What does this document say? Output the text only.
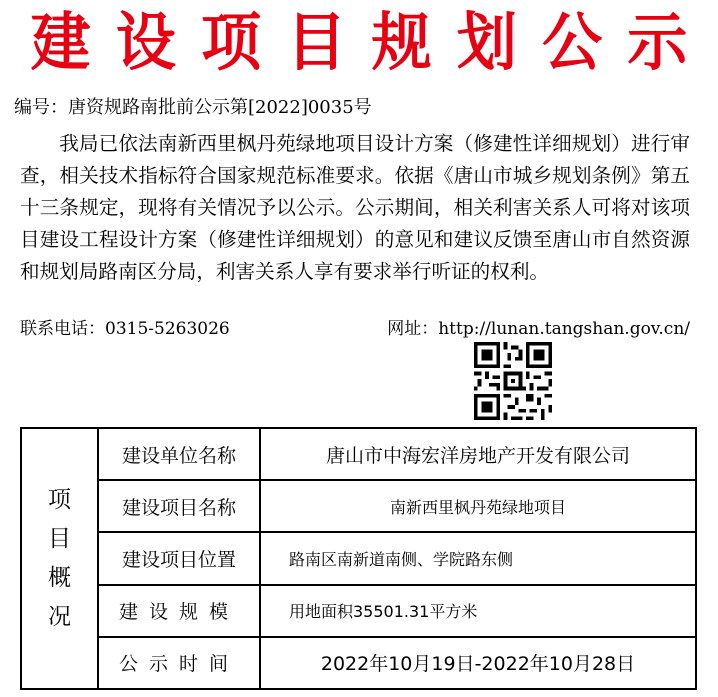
建 设 项 目 规 划 公 示
编号：唐资规路南批前公示第[2022]0035号
我局已依法南新西里枫丹苑绿地项目设计方案（修建性详细规划）进行审查，相关技术指标符合国家规范标准要求。依据《唐山市城乡规划条例》第五十三条规定，现将有关情况予以公示。公示期间，相关利害关系人可将对该项目建设工程设计方案（修建性详细规划）的意见和建议反馈至唐山市自然资源和规划局路南区分局，利害关系人享有要求举行听证的权利。
联系电话：0315-5263026	网址：http://lunan.tangshan.gov.cn/
项
目
概
况	建设单位名称	唐山市中海宏洋房地产开发有限公司
	建设项目名称	南新西里枫丹苑绿地项目
	建设项目位置	路南区南新道南侧、学院路东侧
	建设规模	用地面积35501.31平方米
	公示时间	2022年10月19日-2022年10月28日
